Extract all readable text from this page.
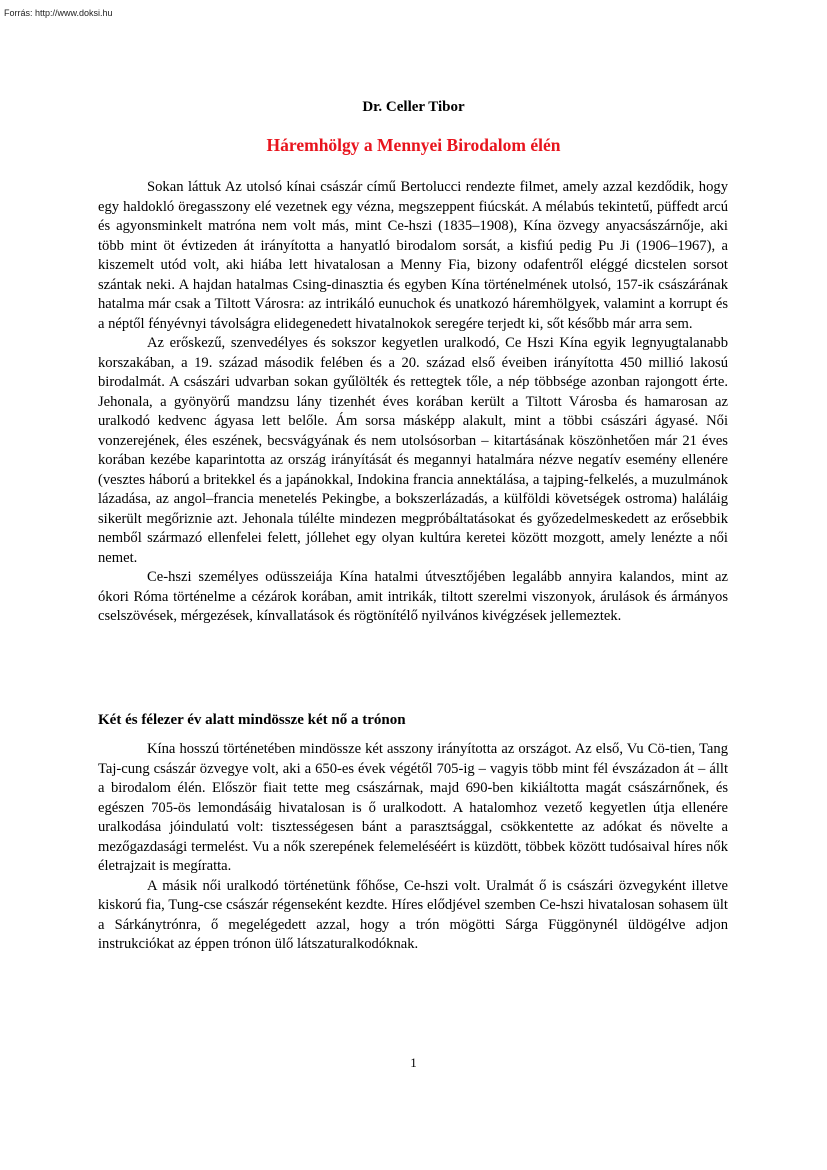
Forrás: http://www.doksi.hu
Dr. Celler Tibor
Háremhölgy a Mennyei Birodalom élén

Sokan láttuk Az utolsó kínai császár című Bertolucci rendezte filmet, amely azzal kezdődik, hogy egy haldokló öregasszony elé vezetnek egy vézna, megszeppent fiúcskát. A mélabús tekintetű, püffedt arcú és agyonsminkelt matróna nem volt más, mint Ce-hszi (1835–1908), Kína özvegy anyacsászárnője, aki több mint öt évtizeden át irányította a hanyatló birodalom sorsát, a kisfiú pedig Pu Ji (1906–1967), a kiszemelt utód volt, aki hiába lett hivatalosan a Menny Fia, bizony odafentről eléggé dicstelen sorsot szántak neki. A hajdan hatalmas Csing-dinasztia és egyben Kína történelmének utolsó, 157-ik császárának hatalma már csak a Tiltott Városra: az intrikáló eunuchok és unatkozó háremhölgyek, valamint a korrupt és a néptől fényévnyi távolságra elidegenedett hivatalnokok seregére terjedt ki, sőt később már arra sem.

Az erőskezű, szenvedélyes és sokszor kegyetlen uralkodó, Ce Hszi Kína egyik legnyugtalanabb korszakában, a 19. század második felében és a 20. század első éveiben irányította 450 millió lakosú birodalmát. A császári udvarban sokan gyűlölték és rettegtek tőle, a nép többsége azonban rajongott érte. Jehonala, a gyönyörű mandzsu lány tizenhét éves korában került a Tiltott Városba és hamarosan az uralkodó kedvenc ágyasa lett belőle. Ám sorsa másképp alakult, mint a többi császári ágyasé. Női vonzerejének, éles eszének, becsvágyának és nem utolsósorban – kitartásának köszönhetően már 21 éves korában kezébe kaparintotta az ország irányítását és megannyi hatalmára nézve negatív esemény ellenére (vesztes háború a britekkel és a japánokkal, Indokina francia annektálása, a tajping-felkelés, a muzulmánok lázadása, az angol–francia menetelés Pekingbe, a bokszerlázadás, a külföldi követségek ostroma) haláláig sikerült megőriznie azt. Jehonala túlélte mindezen megpróbáltatásokat és győzedelmeskedett az erősebbik nemből származó ellenfelei felett, jóllehet egy olyan kultúra keretei között mozgott, amely lenézte a női nemet.

Ce-hszi személyes odüsszeiája Kína hatalmi útvesztőjében legalább annyira kalandos, mint az ókori Róma történelme a cézárok korában, amit intrikák, tiltott szerelmi viszonyok, árulások és ármányos cselszövések, mérgezések, kínvallatások és rögtönítélő nyilvános kivégzések jellemeztek.

Két és félezer év alatt mindössze két nő a trónon

Kína hosszú történetében mindössze két asszony irányította az országot. Az első, Vu Cö-tien, Tang Taj-cung császár özvegye volt, aki a 650-es évek végétől 705-ig – vagyis több mint fél évszázadon át – állt a birodalom élén. Először fiait tette meg császárnak, majd 690-ben kikiáltotta magát császárnőnek, és egészen 705-ös lemondásáig hivatalosan is ő uralkodott. A hatalomhoz vezető kegyetlen útja ellenére uralkodása jóindulatú volt: tisztességesen bánt a parasztsággal, csökkentette az adókat és növelte a mezőgazdasági termelést. Vu a nők szerepének felemeléséért is küzdött, többek között tudósaival híres nők életrajzait is megíratta.

A másik női uralkodó történetünk főhőse, Ce-hszi volt. Uralmát ő is császári özvegyként illetve kiskorú fia, Tung-cse császár régenseként kezdte. Híres elődjével szemben Ce-hszi hivatalosan sohasem ült a Sárkánytrónra, ő megelégedett azzal, hogy a trón mögötti Sárga Függönynél üldögélve adjon instrukciókat az éppen trónon ülő látszaturalkodóknak.

1
